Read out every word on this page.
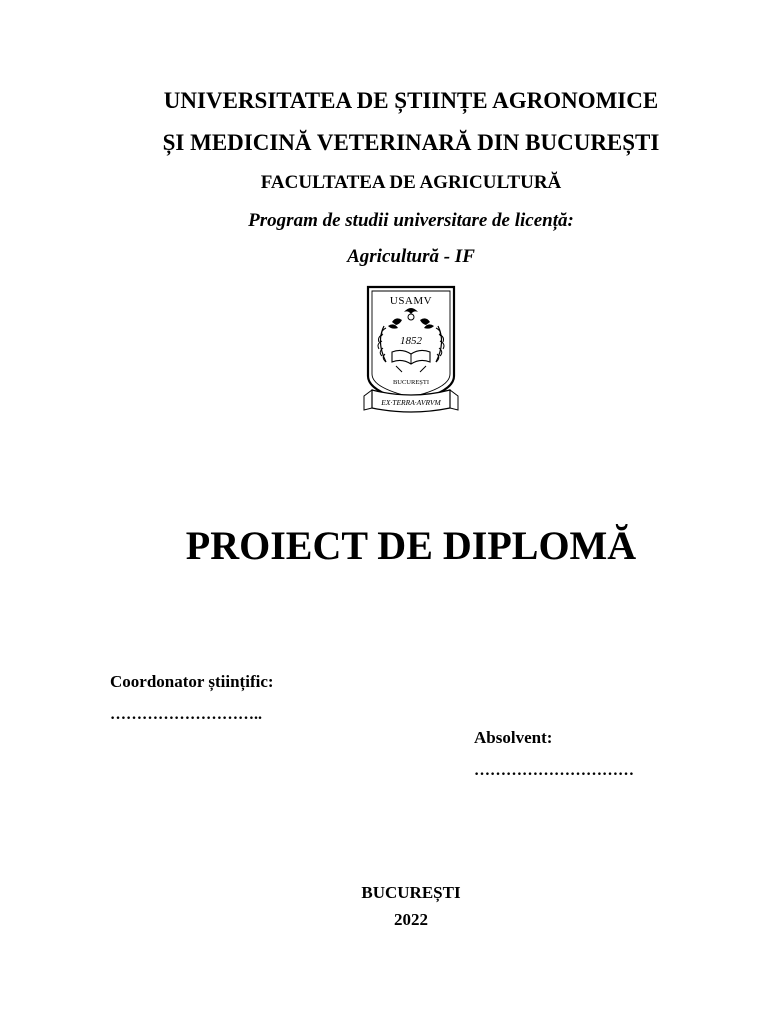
UNIVERSITATEA DE ȘTIINȚE AGRONOMICE
ȘI MEDICINĂ VETERINARĂ DIN BUCUREȘTI
FACULTATEA DE AGRICULTURĂ
Program de studii universitare de licență:
Agricultură - IF
USAMV
1852
BUCUREȘTI
EX·TERRA·AVRVM
PROIECT DE DIPLOMĂ
Coordonator științific:
………………………..
Absolvent:
…………………………
BUCUREȘTI
2022
